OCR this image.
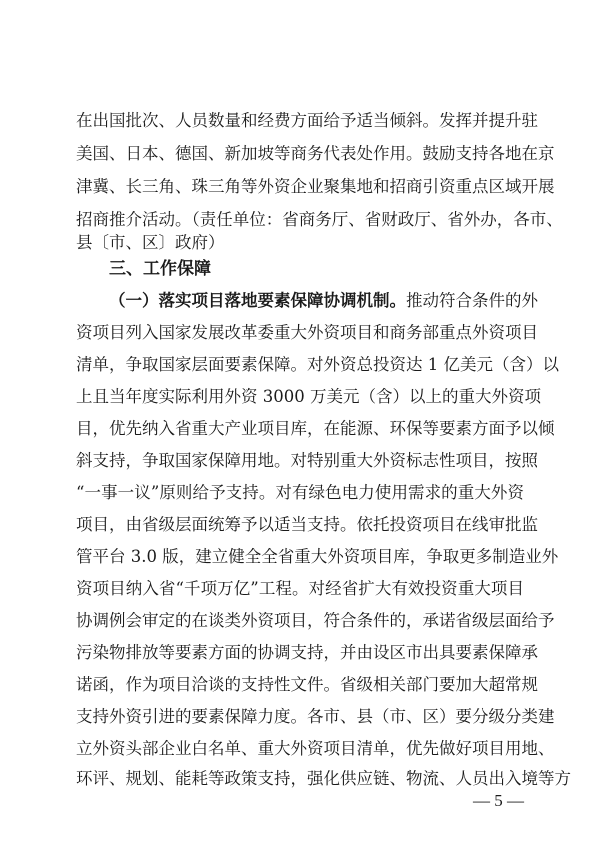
在出国批次、人员数量和经费方面给予适当倾斜。发挥并提升驻
美国、日本、德国、新加坡等商务代表处作用。鼓励支持各地在京
津冀、长三角、珠三角等外资企业聚集地和招商引资重点区域开展
招商推介活动。（责任单位：省商务厅、省财政厅、省外办，各市、
县〔市、区〕政府）
三、工作保障
（一）落实项目落地要素保障协调机制。推动符合条件的外
资项目列入国家发展改革委重大外资项目和商务部重点外资项目
清单，争取国家层面要素保障。对外资总投资达 1 亿美元（含）以
上且当年度实际利用外资 3000 万美元（含）以上的重大外资项
目，优先纳入省重大产业项目库，在能源、环保等要素方面予以倾
斜支持，争取国家保障用地。对特别重大外资标志性项目，按照
“一事一议”原则给予支持。对有绿色电力使用需求的重大外资
项目，由省级层面统筹予以适当支持。依托投资项目在线审批监
管平台 3.0 版，建立健全全省重大外资项目库，争取更多制造业外
资项目纳入省“千项万亿”工程。对经省扩大有效投资重大项目
协调例会审定的在谈类外资项目，符合条件的，承诺省级层面给予
污染物排放等要素方面的协调支持，并由设区市出具要素保障承
诺函，作为项目洽谈的支持性文件。省级相关部门要加大超常规
支持外资引进的要素保障力度。各市、县（市、区）要分级分类建
立外资头部企业白名单、重大外资项目清单，优先做好项目用地、
环评、规划、能耗等政策支持，强化供应链、物流、人员出入境等方
— 5 —
